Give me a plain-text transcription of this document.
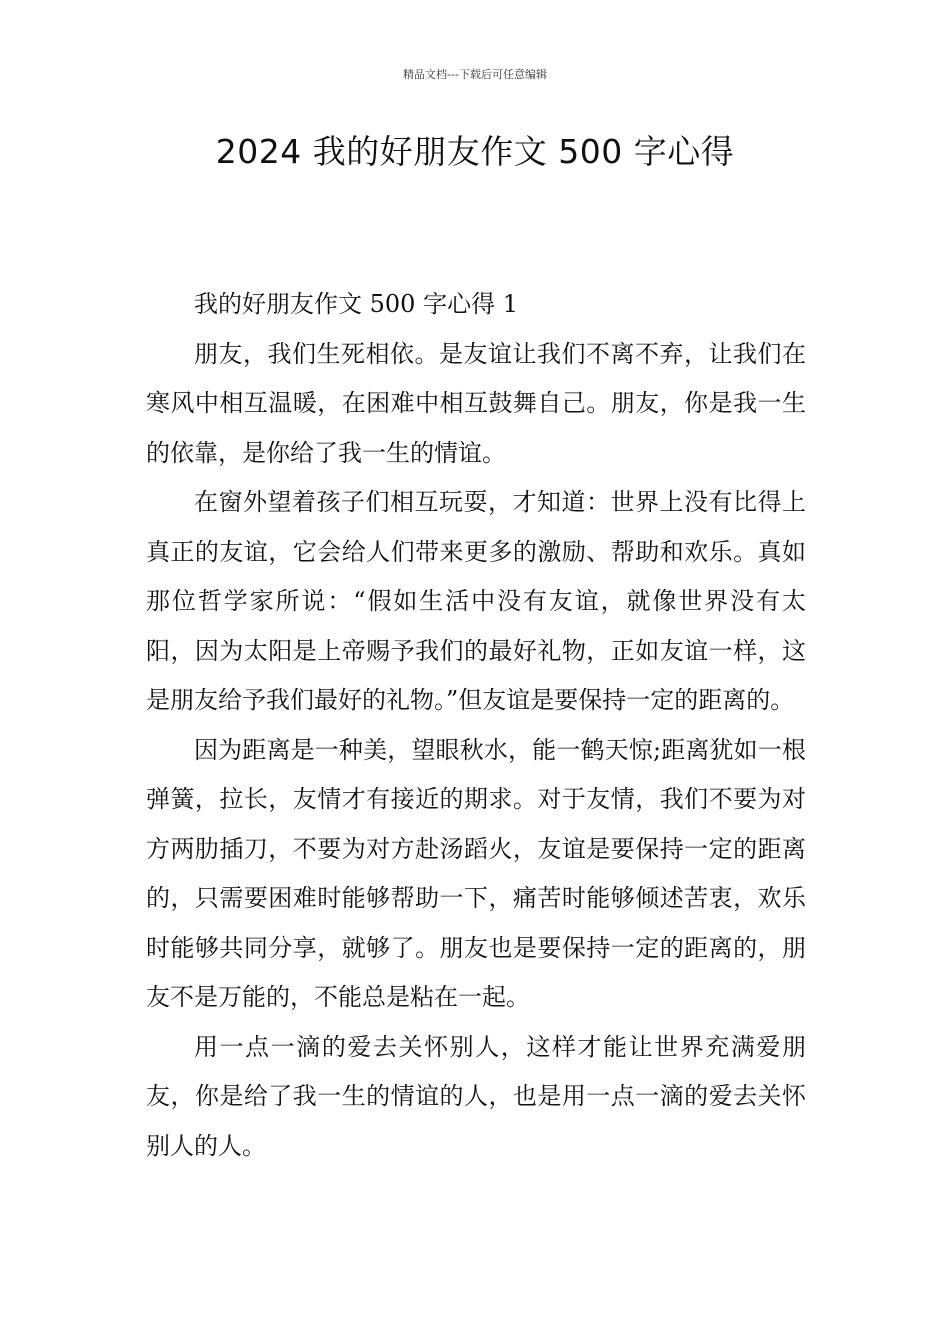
精品文档---下载后可任意编辑
2024 我的好朋友作文 500 字心得

我的好朋友作文 500 字心得 1

朋友，我们生死相依。是友谊让我们不离不弃，让我们在寒风中相互温暖，在困难中相互鼓舞自己。朋友，你是我一生的依靠，是你给了我一生的情谊。

在窗外望着孩子们相互玩耍，才知道：世界上没有比得上真正的友谊，它会给人们带来更多的激励、帮助和欢乐。真如那位哲学家所说：“假如生活中没有友谊，就像世界没有太阳，因为太阳是上帝赐予我们的最好礼物，正如友谊一样，这是朋友给予我们最好的礼物。”但友谊是要保持一定的距离的。

因为距离是一种美，望眼秋水，能一鹤天惊;距离犹如一根弹簧，拉长，友情才有接近的期求。对于友情，我们不要为对方两肋插刀，不要为对方赴汤蹈火，友谊是要保持一定的距离的，只需要困难时能够帮助一下，痛苦时能够倾述苦衷，欢乐时能够共同分享，就够了。朋友也是要保持一定的距离的，朋友不是万能的，不能总是粘在一起。

用一点一滴的爱去关怀别人，这样才能让世界充满爱朋友，你是给了我一生的情谊的人，也是用一点一滴的爱去关怀别人的人。
